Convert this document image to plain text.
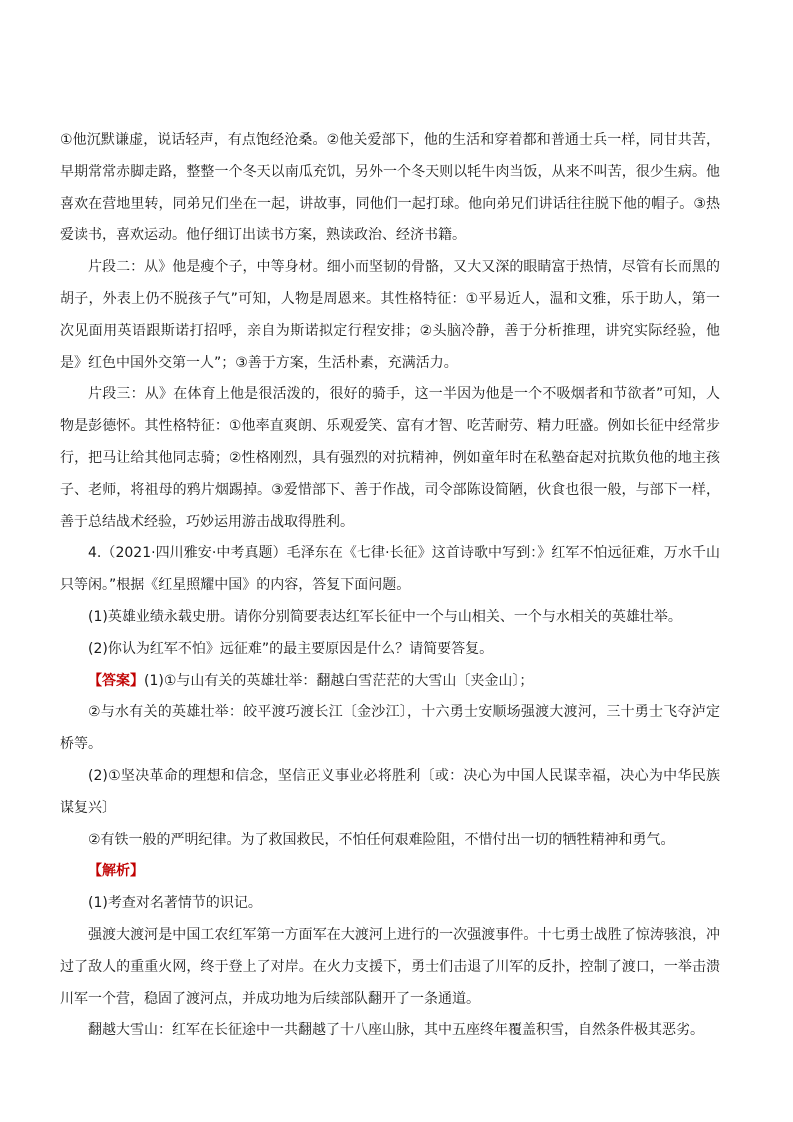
①他沉默谦虚，说话轻声，有点饱经沧桑。②他关爱部下，他的生活和穿着都和普通士兵一样，同甘共苦，早期常常赤脚走路，整整一个冬天以南瓜充饥，另外一个冬天则以牦牛肉当饭，从来不叫苦，很少生病。他喜欢在营地里转，同弟兄们坐在一起，讲故事，同他们一起打球。他向弟兄们讲话往往脱下他的帽子。③热爱读书，喜欢运动。他仔细订出读书方案，熟读政治、经济书籍。

片段二：从》他是瘦个子，中等身材。细小而坚韧的骨骼，又大又深的眼睛富于热情，尽管有长而黑的胡子，外表上仍不脱孩子气”可知，人物是周恩来。其性格特征：①平易近人，温和文雅，乐于助人，第一次见面用英语跟斯诺打招呼，亲自为斯诺拟定行程安排；②头脑冷静，善于分析推理，讲究实际经验，他是》红色中国外交第一人”；③善于方案，生活朴素，充满活力。

片段三：从》在体育上他是很活泼的，很好的骑手，这一半因为他是一个不吸烟者和节欲者”可知，人物是彭德怀。其性格特征：①他率直爽朗、乐观爱笑、富有才智、吃苦耐劳、精力旺盛。例如长征中经常步行，把马让给其他同志骑；②性格刚烈，具有强烈的对抗精神，例如童年时在私塾奋起对抗欺负他的地主孩子、老师，将祖母的鸦片烟踢掉。③爱惜部下、善于作战，司令部陈设简陋，伙食也很一般，与部下一样，善于总结战术经验，巧妙运用游击战取得胜利。

4.（2021·四川雅安·中考真题）毛泽东在《七律·长征》这首诗歌中写到：》红军不怕远征难，万水千山只等闲。”根据《红星照耀中国》的内容，答复下面问题。

(1)英雄业绩永载史册。请你分别简要表达红军长征中一个与山相关、一个与水相关的英雄壮举。

(2)你认为红军不怕》远征难”的最主要原因是什么？请简要答复。

【答案】(1)①与山有关的英雄壮举：翻越白雪茫茫的大雪山〔夹金山〕；

②与水有关的英雄壮举：皎平渡巧渡长江〔金沙江〕，十六勇士安顺场强渡大渡河，三十勇士飞夺泸定桥等。

(2)①坚决革命的理想和信念，坚信正义事业必将胜利〔或：决心为中国人民谋幸福，决心为中华民族谋复兴〕

②有铁一般的严明纪律。为了救国救民，不怕任何艰难险阻，不惜付出一切的牺牲精神和勇气。

【解析】

(1)考查对名著情节的识记。

强渡大渡河是中国工农红军第一方面军在大渡河上进行的一次强渡事件。十七勇士战胜了惊涛骇浪，冲过了敌人的重重火网，终于登上了对岸。在火力支援下，勇士们击退了川军的反扑，控制了渡口，一举击溃川军一个营，稳固了渡河点，并成功地为后续部队翻开了一条通道。

翻越大雪山：红军在长征途中一共翻越了十八座山脉，其中五座终年覆盖积雪，自然条件极其恶劣。
